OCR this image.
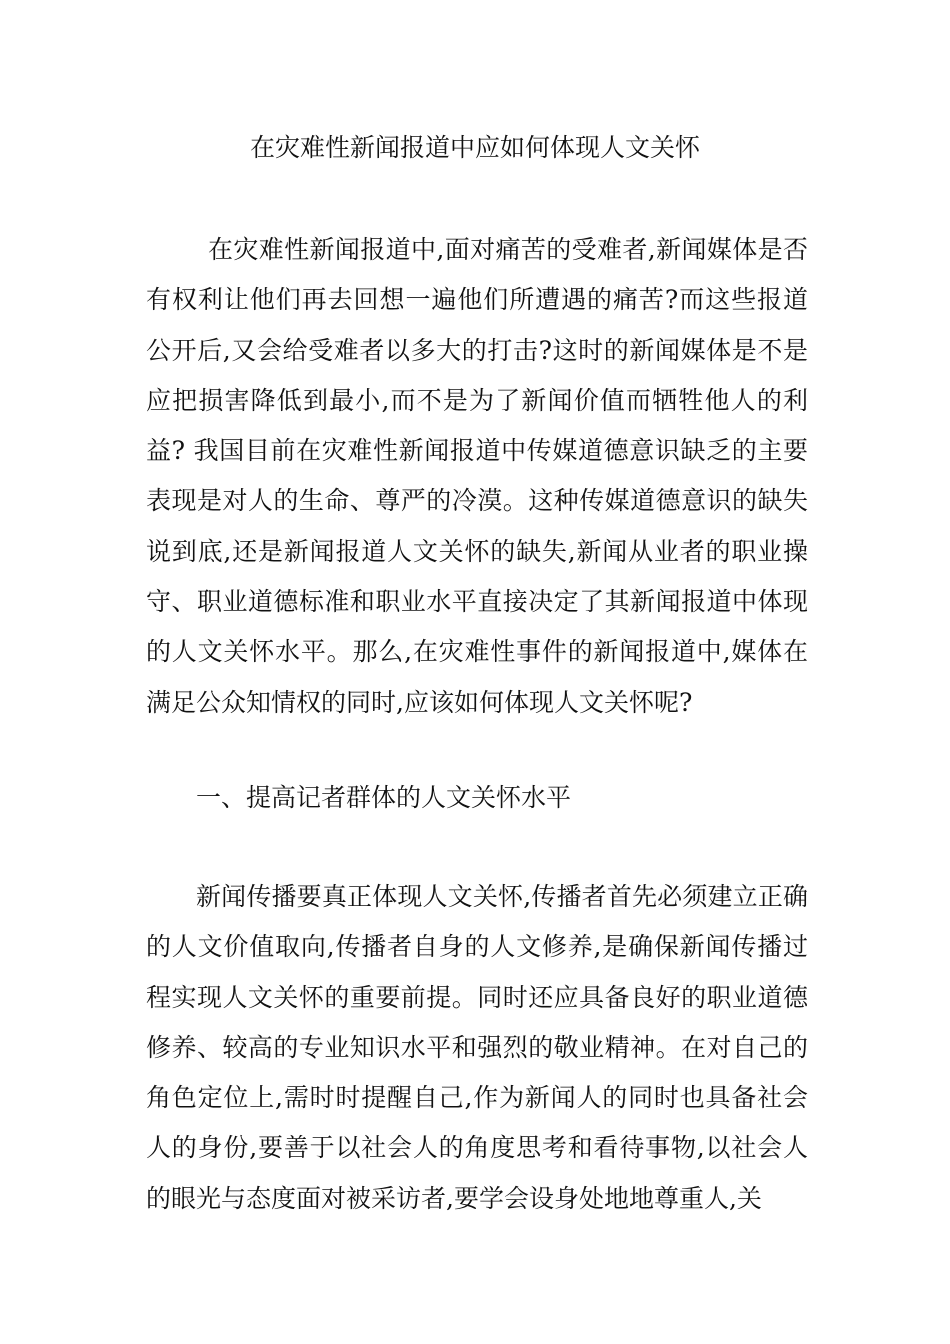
在灾难性新闻报道中应如何体现人文关怀

在灾难性新闻报道中,面对痛苦的受难者,新闻媒体是否有权利让他们再去回想一遍他们所遭遇的痛苦?而这些报道公开后,又会给受难者以多大的打击?这时的新闻媒体是不是应把损害降低到最小,而不是为了新闻价值而牺牲他人的利益? 我国目前在灾难性新闻报道中传媒道德意识缺乏的主要表现是对人的生命、尊严的冷漠。这种传媒道德意识的缺失说到底,还是新闻报道人文关怀的缺失,新闻从业者的职业操守、职业道德标准和职业水平直接决定了其新闻报道中体现的人文关怀水平。那么,在灾难性事件的新闻报道中,媒体在满足公众知情权的同时,应该如何体现人文关怀呢?

一、提高记者群体的人文关怀水平

新闻传播要真正体现人文关怀,传播者首先必须建立正确的人文价值取向,传播者自身的人文修养,是确保新闻传播过程实现人文关怀的重要前提。同时还应具备良好的职业道德修养、较高的专业知识水平和强烈的敬业精神。在对自己的角色定位上,需时时提醒自己,作为新闻人的同时也具备社会人的身份,要善于以社会人的角度思考和看待事物,以社会人的眼光与态度面对被采访者,要学会设身处地地尊重人,关
